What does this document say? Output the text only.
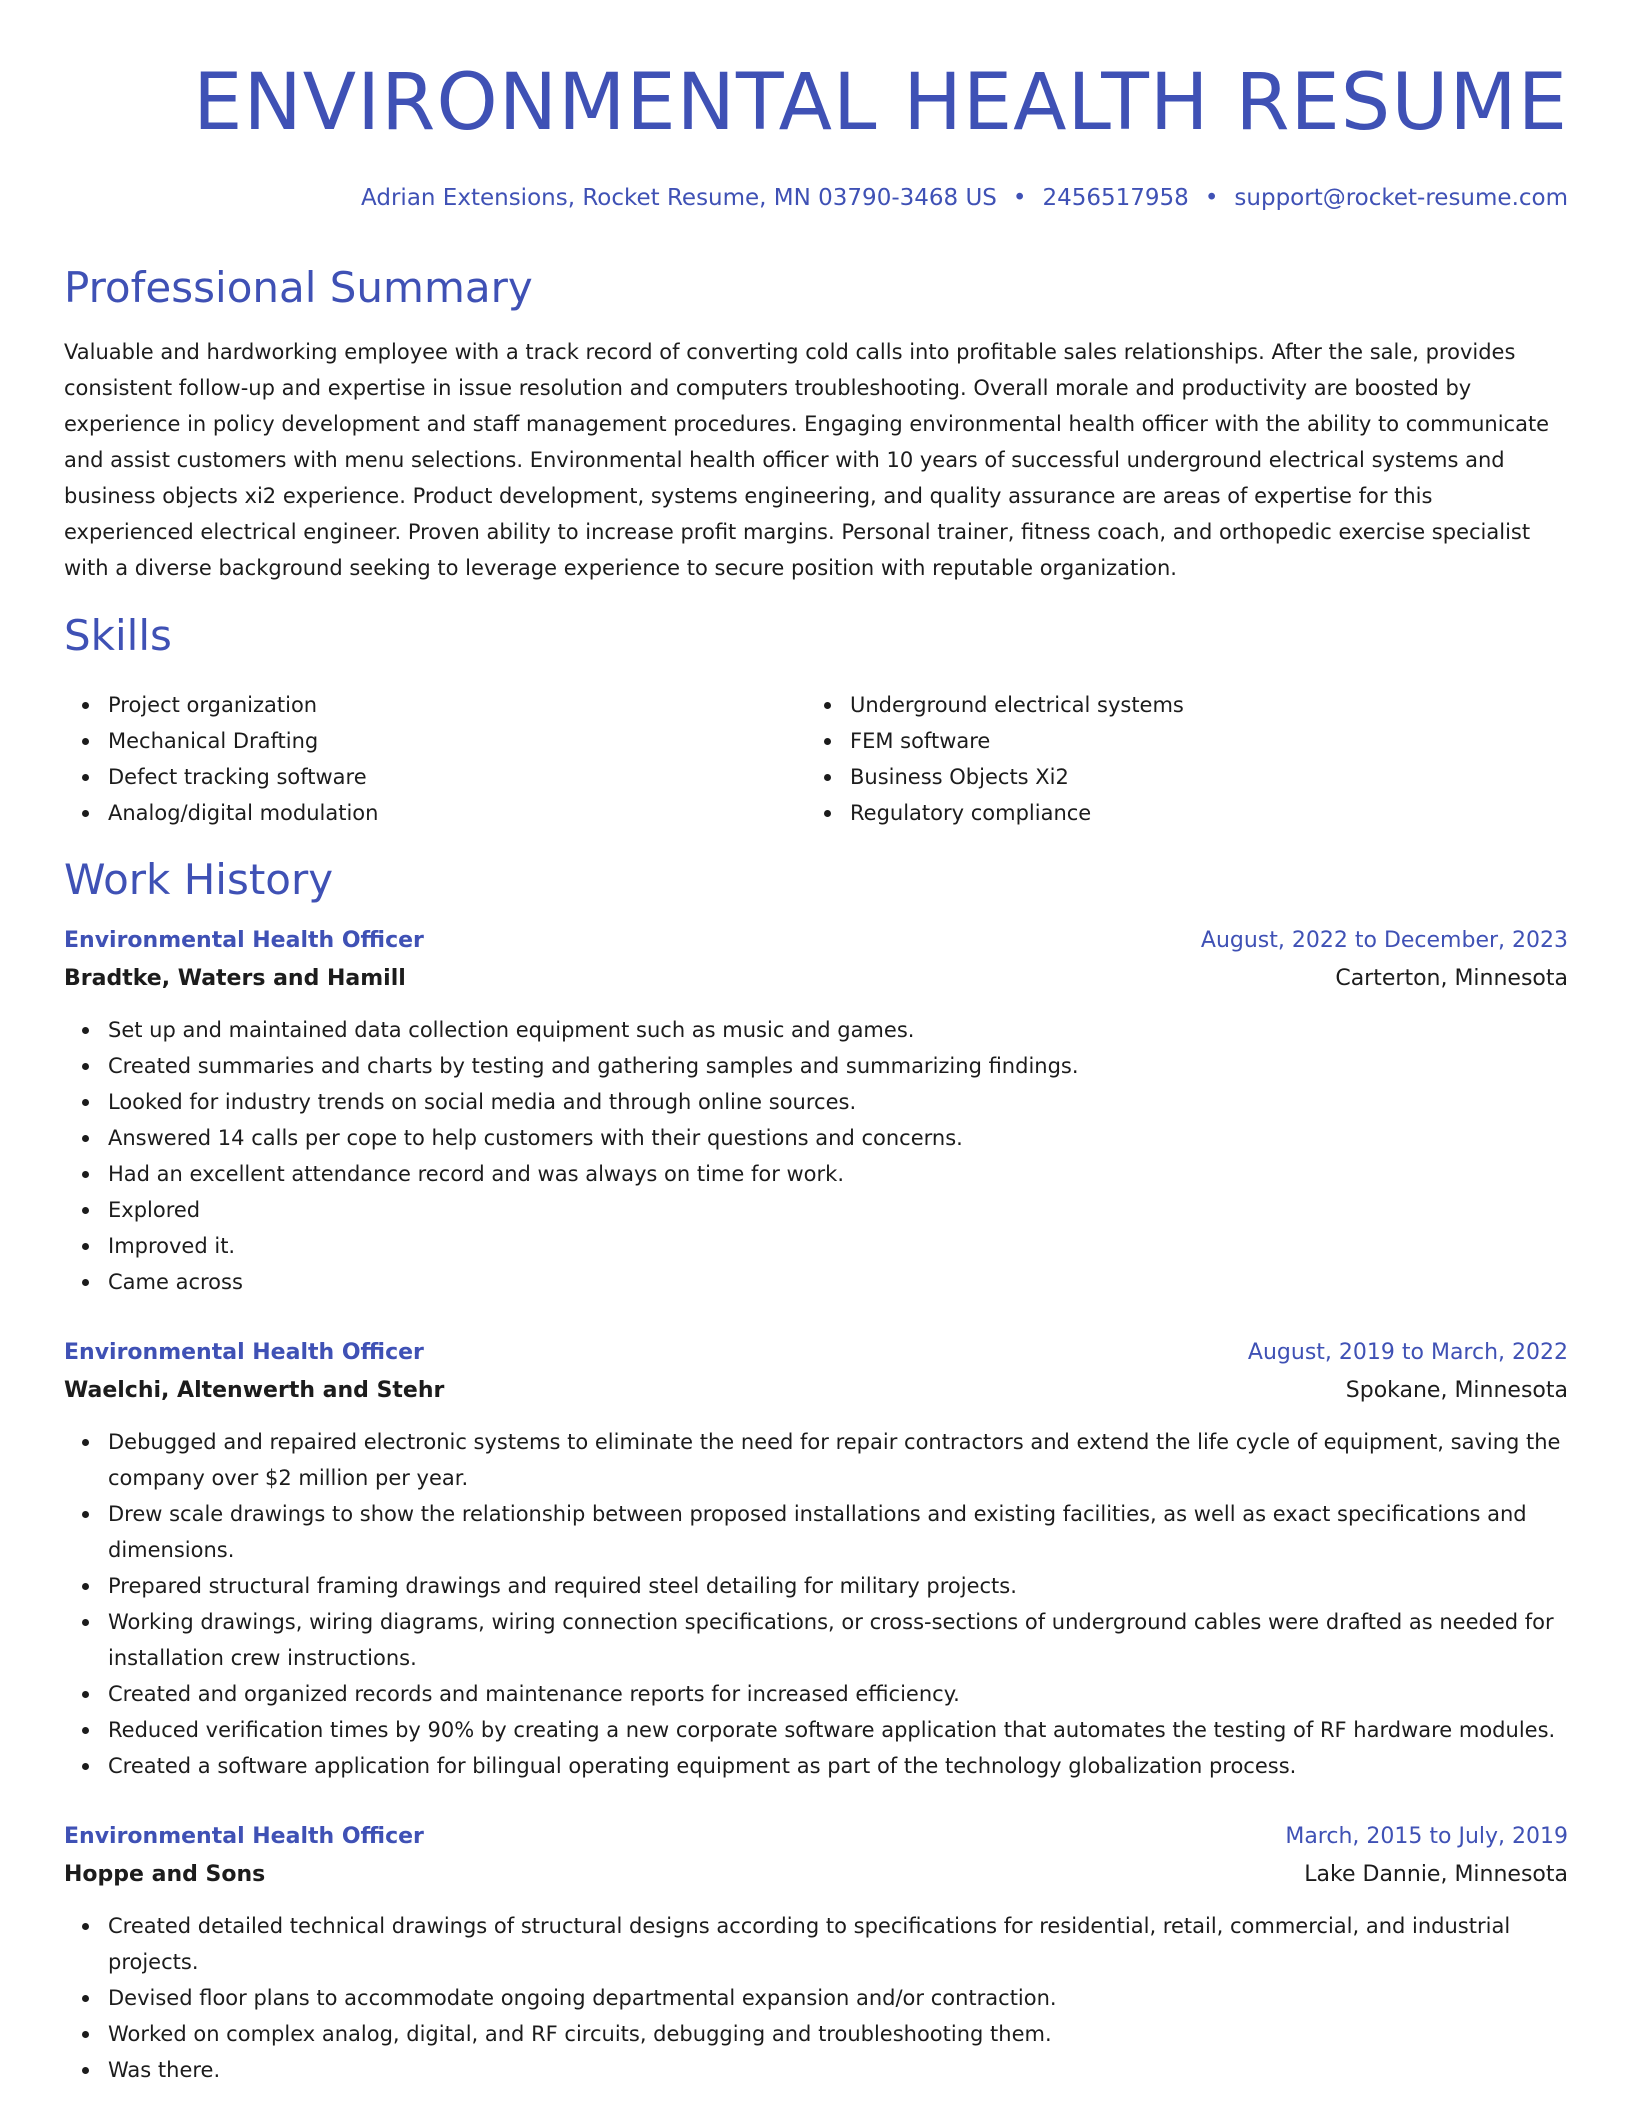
ENVIRONMENTAL HEALTH RESUME
Adrian Extensions, Rocket Resume, MN 03790-3468 US • 2456517958 • support@rocket-resume.com
Professional Summary

Valuable and hardworking employee with a track record of converting cold calls into profitable sales relationships. After the sale, provides consistent follow-up and expertise in issue resolution and computers troubleshooting. Overall morale and productivity are boosted by experience in policy development and staff management procedures. Engaging environmental health officer with the ability to communicate and assist customers with menu selections. Environmental health officer with 10 years of successful underground electrical systems and business objects xi2 experience. Product development, systems engineering, and quality assurance are areas of expertise for this experienced electrical engineer. Proven ability to increase profit margins. Personal trainer, fitness coach, and orthopedic exercise specialist with a diverse background seeking to leverage experience to secure position with reputable organization.

Skills
Project organization
Mechanical Drafting
Defect tracking software
Analog/digital modulation
Underground electrical systems
FEM software
Business Objects Xi2
Regulatory compliance
Work History
Environmental Health Officer	August, 2022 to December, 2023
Bradtke, Waters and Hamill	Carterton, Minnesota
Set up and maintained data collection equipment such as music and games.
Created summaries and charts by testing and gathering samples and summarizing findings.
Looked for industry trends on social media and through online sources.
Answered 14 calls per cope to help customers with their questions and concerns.
Had an excellent attendance record and was always on time for work.
Explored
Improved it.
Came across
Environmental Health Officer	August, 2019 to March, 2022
Waelchi, Altenwerth and Stehr	Spokane, Minnesota
Debugged and repaired electronic systems to eliminate the need for repair contractors and extend the life cycle of equipment, saving the company over $2 million per year.
Drew scale drawings to show the relationship between proposed installations and existing facilities, as well as exact specifications and dimensions.
Prepared structural framing drawings and required steel detailing for military projects.
Working drawings, wiring diagrams, wiring connection specifications, or cross-sections of underground cables were drafted as needed for installation crew instructions.
Created and organized records and maintenance reports for increased efficiency.
Reduced verification times by 90% by creating a new corporate software application that automates the testing of RF hardware modules.
Created a software application for bilingual operating equipment as part of the technology globalization process.
Environmental Health Officer	March, 2015 to July, 2019
Hoppe and Sons	Lake Dannie, Minnesota
Created detailed technical drawings of structural designs according to specifications for residential, retail, commercial, and industrial projects.
Devised floor plans to accommodate ongoing departmental expansion and/or contraction.
Worked on complex analog, digital, and RF circuits, debugging and troubleshooting them.
Was there.
